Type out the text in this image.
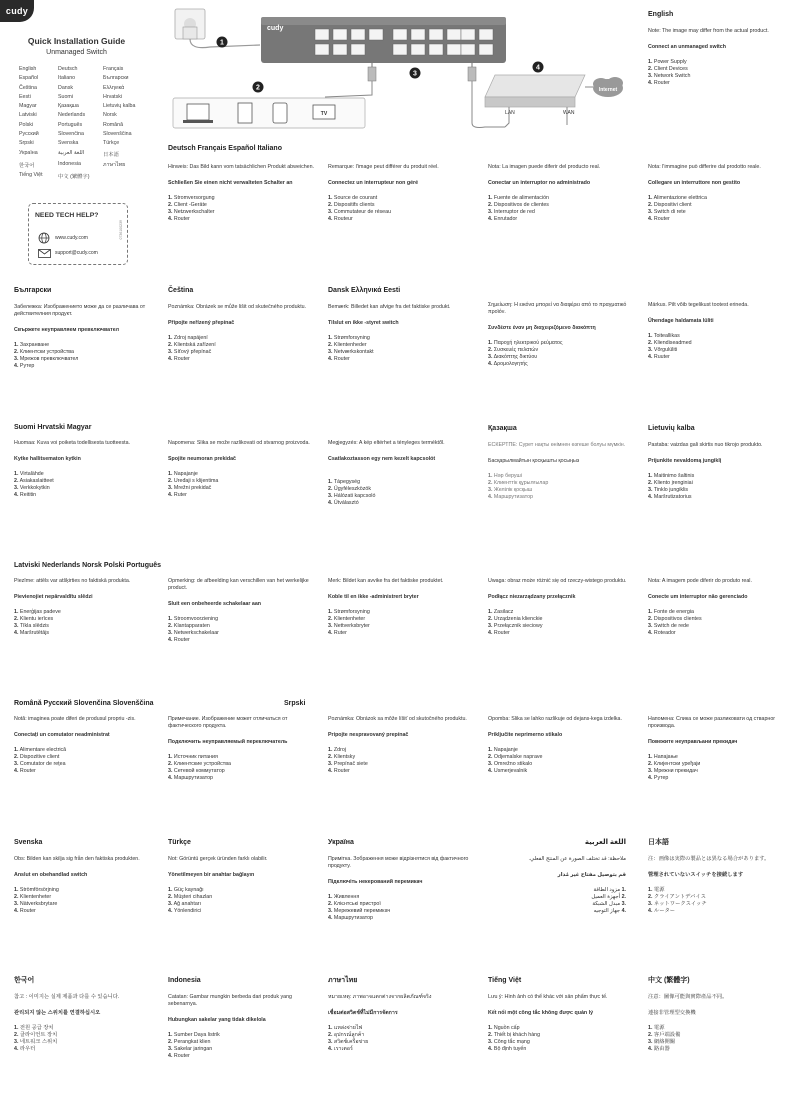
cudy
Quick Installation Guide
Unmanaged Switch
English	Deutsch	Français
Español	Italiano	Български
Čeština	Dansk	Ελληνικά
Eesti	Suomi	Hrvatski
Magyar	Қазақша	Lietuvių kalba
Latviski	Nederlands	Norsk
Polski	Português	Română
Русский	Slovenčina	Slovenščina
Srpski	Svenska	Türkçe
Українa	اللغة العربية	日本語
한국어	Indonesia	ภาษาไทย
Tiếng Việt	中文 (繁體字)
NEED TECH HELP?
www.cudy.com
support@cudy.com
0736100239
1
cudy
3
2
TV
4
LAN	WAN
Internet
English
Note: The image may differ from the actual product.
Connect an unmanaged switch
1. Power Supply
2. Client Devices
3. Network Switch
4. Router
Deutsch Français Español Italiano
Hinweis: Das Bild kann vom tatsächlichen Produkt abweichen.
Schließen Sie einen nicht verwalteten Schalter an
1. Stromversorgung
2. Client -Geräte
3. Netzwerkschalter
4. Router
Remarque: l'image peut différer du produit réel.
Connectez un interrupteur non géré
1. Source de courant
2. Dispositifs clients
3. Commutateur de réseau
4. Routeur
Nota: La imagen puede diferir del producto real.
Conectar un interruptor no administrado
1. Fuente de alimentación
2. Dispositivos de clientes
3. Interruptor de red
4. Enrutador
Nota: l'immagine può differire dal prodotto reale.
Collegare un interruttore non gestito
1. Alimentazione elettrica
2. Dispositivi client
3. Switch di rete
4. Router
Български
Забележка: Изображението може да се различава от действителния продукт.
Свържете неуправляем превключвател
1. Захранване
2. Клиентски устройства
3. Мрежов превключвател
4. Рутер
Čeština
Poznámka: Obrázek se může lišit od skutečného produktu.
Připojte neřízený přepínač
1. Zdroj napájení
2. Klientská zařízení
3. Síťový přepínač
4. Router
Dansk Ελληνικά Eesti
Bemærk: Billedet kan afvige fra det faktiske produkt.
Tilslut en ikke -styret switch
1. Strømforsyning
2. Klientenheder
3. Netværkskontakt
4. Router
Σημείωση: Η εικόνα μπορεί να διαφέρει από το πραγματικό προϊόν.
Συνδέστε έναν μη διαχειριζόμενο διακόπτη
1. Παροχή ηλεκτρικού ρεύματος
2. Συσκευές πελατών
3. Διακόπτης δικτύου
4. Δρομολογητής
Märkus. Pilt võib tegelikust tootest erineda.
Ühendage haldamata lüliti
1. Toiteallikas
2. Kliendiseadmed
3. Võrgulüliti
4. Ruuter
Suomi Hrvatski Magyar
Huomaa: Kuva voi poiketa todellisesta tuotteesta.
Kytke hallitsematon kytkin
1. Virtalähde
2. Asiakaslaitteet
3. Verkkokytkin
4. Reititin
Napomena: Slika se može razlikovati od stvarnog proizvoda.
Spojite neumoran prekidač
1. Napajanje
2. Uređaji s klijentima
3. Mrežni prekidač
4. Ruter
Megjegyzés: A kép eltérhet a tényleges terméktől.
Csatlakoztasson egy nem kezelt kapcsolót
1. Tápegység
2. Ügyféleszközök
3. Hálózati kapcsoló
4. Útválasztó
Қазақша
ЕСКЕРТПЕ: Сурет нақты өнімнен өзгеше болуы мүмкін.
Басқарылмайтын қосқышты қосыңыз
1. Нәр беруші
2. Клиенттік құрылғылар
3. Желілік қосқыш
4. Маршрутизатор
Lietuvių kalba
Pastaba: vaizdas gali skirtis nuo tikrojo produkto.
Prijunkite nevaldomą jungiklį
1. Maitinimo šaltinis
2. Kliento įrenginiai
3. Tinklo jungiklis
4. Maršrutizatorius
Latviski Nederlands Norsk Polski Português
Piezīme: attēls var atšķirties no faktiskā produkta.
Pievienojiet nepārvaldītu slēdzi
1. Enerģijas padeve
2. Klientu ierīces
3. Tīkla slēdzis
4. Maršrutētājs
Opmerking: de afbeelding kan verschillen van het werkelijke product.
Sluit een onbeheerde schakelaar aan
1. Stroomvoorziening
2. Klantapparaten
3. Netwerkschakelaar
4. Router
Merk: Bildet kan avvike fra det faktiske produktet.
Koble til en ikke -administrert bryter
1. Strømforsyning
2. Klientenheter
3. Nettverksbryter
4. Ruter
Uwaga: obraz może różnić się od rzeczy-wistego produktu.
Podłącz niezarządzany przełącznik
1. Zasilacz
2. Urządzenia klienckie
3. Przełącznik sieciowy
4. Router
Nota: A imagem pode diferir do produto real.
Conecte um interruptor não gerenciado
1. Fonte de energia
2. Dispositivos clientes
3. Switch de rede
4. Roteador
Română Русский Slovenčina Slovenščina	Srpski
Notă: imaginea poate diferi de produsul propriu -zis.
Conectați un comutator neadministrat
1. Alimentare electrică
2. Dispozitive client
3. Comutator de rețea
4. Router
Примечание. Изображение может отличаться от фактического продукта.
Подключить неуправляемый переключатель
1. Источник питания
2. Клиентские устройства
3. Сетевой коммутатор
4. Маршрутизатор
Poznámka: Obrázok sa môže líšiť od skutočného produktu.
Pripojte nespravovaný prepínač
1. Zdroj
2. Klientsky
3. Prepínač siete
4. Router
Opomba: Slika se lahko razlikuje od dejans-kega izdelka.
Priključite neprimerno stikalo
1. Napajanje
2. Odjemalske naprave
3. Omrežno stikalo
4. Usmerjevalnik
Напомена: Слика се може разликовати од стварног производа.
Повежите неуправљани прекидач
1. Напајање
2. Клијентски уређаји
3. Мрежни прекидач
4. Рутер
Svenska
Obs: Bilden kan skilja sig från den faktiska produkten.
Anslut en obehandlad switch
1. Strömförsörjning
2. Klientenheter
3. Nätverksbrytare
4. Router
Türkçe
Not: Görüntü gerçek üründen farklı olabilir.
Yönetilmeyen bir anahtar bağlayın
1. Güç kaynağı
2. Müşteri cihazları
3. Ağ anahtarı
4. Yönlendirici
Українa
Примітка. Зображення може відрізнятися від фактичного продукту.
Підключіть некерований перемикач
1. Живлення
2. Клієнтські пристрої
3. Мережевий перемикач
4. Маршрутизатор
اللغة العربية
ملاحظة: قد تختلف الصورة عن المنتج الفعلي.
قم بتوصيل مفتاح غير مُدار
.1 مزود الطاقة
.2 أجهزة العميل
.3 مبدل الشبكة
.4 جهاز التوجيه
日本語
注：画像は実際の製品とは異なる場合があります。
管理されていないスイッチを接続します
1. 電源
2. クライアントデバイス
3. ネットワークスイッチ
4. ルーター
한국어
참고 : 이미지는 실제 제품과 다를 수 있습니다.
관리되지 않는 스위치를 연결하십시오
1. 전원 공급 장치
2. 클라이언트 장치
3. 네트워크 스위치
4. 라우터
Indonesia
Catatan: Gambar mungkin berbeda dari produk yang sebenarnya.
Hubungkan sakelar yang tidak dikelola
1. Sumber Daya listrik
2. Perangkat klien
3. Sakelar jaringan
4. Router
ภาษาไทย
หมายเหตุ: ภาพอาจแตกต่างจากผลิตภัณฑ์จริง
เชื่อมต่อสวิตช์ที่ไม่มีการจัดการ
1. แหล่งจ่ายไฟ
2. อุปกรณ์ลูกค้า
3. สวิตช์เครือข่าย
4. เราเตอร์
Tiếng Việt
Lưu ý: Hình ảnh có thể khác với sản phẩm thực tế.
Kết nối một công tắc không được quản lý
1. Nguồn cấp
2. Thiết bị khách hàng
3. Công tắc mạng
4. Bộ định tuyến
中文 (繁體字)
注意：圖像可能與實際產品不同。
連接非管理型交換機
1. 電源
2. 客戶端設備
3. 網絡開關
4. 路由器
